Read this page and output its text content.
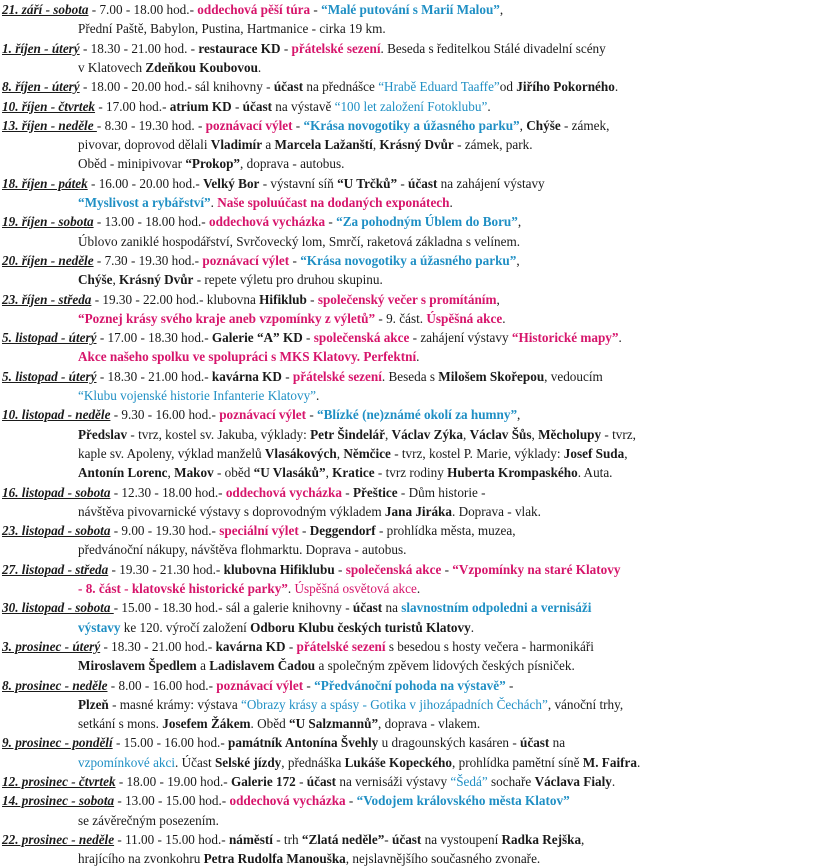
21. září - sobota - 7.00 - 18.00 hod.- oddechová pěší túra - “Malé putování s Marií Malou”,
Přední Paště, Babylon, Pustina, Hartmanice - cirka 19 km.
1. říjen - úterý - 18.30 - 21.00 hod. - restaurace KD - přátelské sezení. Beseda s ředitelkou Stálé divadelní scény
v Klatovech Zdeňkou Koubovou.
8. říjen - úterý - 18.00 - 20.00 hod.- sál knihovny - účast na přednášce “Hrabě Eduard Taaffe”od Jiřího Pokorného.
10. říjen - čtvrtek - 17.00 hod.- atrium KD - účast na výstavě “100 let založení Fotoklubu”.
13. říjen - neděle - 8.30 - 19.30 hod. - poznávací výlet - “Krása novogotiky a úžasného parku”, Chýše - zámek,
pivovar, doprovod dělali Vladimír a Marcela Lažanští, Krásný Dvůr - zámek, park.
Oběd - minipivovar “Prokop”, doprava - autobus.
18. říjen - pátek - 16.00 - 20.00 hod.- Velký Bor - výstavní síň “U Trčků” - účast na zahájení výstavy
“Myslivost a rybářství”. Naše spoluúčast na dodaných exponátech.
19. říjen - sobota - 13.00 - 18.00 hod.- oddechová vycházka - “Za pohodným Úblem do Boru”,
Úblovo zaniklé hospodářství, Svrčovecký lom, Smrčí, raketová základna s velínem.
20. říjen - neděle - 7.30 - 19.30 hod.- poznávací výlet - “Krása novogotiky a úžasného parku”,
Chýše, Krásný Dvůr - repete výletu pro druhou skupinu.
23. říjen - středa - 19.30 - 22.00 hod.- klubovna Hifiklub - společenský večer s promítáním,
“Poznej krásy svého kraje aneb vzpomínky z výletů” - 9. část. Úspěšná akce.
5. listopad - úterý - 17.00 - 18.30 hod.- Galerie “A” KD - společenská akce - zahájení výstavy “Historické mapy”.
Akce našeho spolku ve spolupráci s MKS Klatovy. Perfektní.
5. listopad - úterý - 18.30 - 21.00 hod.- kavárna KD - přátelské sezení. Beseda s Milošem Skořepou, vedoucím
“Klubu vojenské historie Infanterie Klatovy”.
10. listopad - neděle - 9.30 - 16.00 hod.- poznávací výlet - “Blízké (ne)známé okolí za humny”,
Předslav - tvrz, kostel sv. Jakuba, výklady: Petr Šindelář, Václav Zýka, Václav Šůs, Měcholupy - tvrz,
kaple sv. Apoleny, výklad manželů Vlasákových, Němčice - tvrz, kostel P. Marie, výklady: Josef Suda,
Antonín Lorenc, Makov - oběd “U Vlasáků”, Kratice - tvrz rodiny Huberta Krompaského. Auta.
16. listopad - sobota - 12.30 - 18.00 hod.- oddechová vycházka - Přeštice - Dům historie -
návštěva pivovarnické výstavy s doprovodným výkladem Jana Jiráka. Doprava - vlak.
23. listopad - sobota - 9.00 - 19.30 hod.- speciální výlet - Deggendorf - prohlídka města, muzea,
předvánoční nákupy, návštěva flohmarktu. Doprava - autobus.
27. listopad - středa - 19.30 - 21.30 hod.- klubovna Hifiklubu - společenská akce - “Vzpomínky na staré Klatovy
- 8. část - klatovské historické parky”. Úspěšná osvětová akce.
30. listopad - sobota - 15.00 - 18.30 hod.- sál a galerie knihovny - účast na slavnostním odpoledni a vernisáži
výstavy ke 120. výročí založení Odboru Klubu českých turistů Klatovy.
3. prosinec - úterý - 18.30 - 21.00 hod.- kavárna KD - přátelské sezení s besedou s hosty večera - harmonikáři
Miroslavem Špedlem a Ladislavem Čadou a společným zpěvem lidových českých písniček.
8. prosinec - neděle - 8.00 - 16.00 hod.- poznávací výlet - “Předvánoční pohoda na výstavě” -
Plzeň - masné krámy: výstava “Obrazy krásy a spásy - Gotika v jihozápadních Čechách”, vánoční trhy,
setkání s mons. Josefem Žákem. Oběd “U Salzmannů”, doprava - vlakem.
9. prosinec - pondělí - 15.00 - 16.00 hod.- památník Antonína Švehly u dragounských kasáren - účast na
vzpomínkové akci. Účast Selské jízdy, přednáška Lukáše Kopeckého, prohlídka pamětní síně M. Faifra.
12. prosinec - čtvrtek - 18.00 - 19.00 hod.- Galerie 172 - účast na vernisáži výstavy “Šedá” sochaře Václava Fialy.
14. prosinec - sobota - 13.00 - 15.00 hod.- oddechová vycházka - “Vodojem královského města Klatov”
se závěrečným posezením.
22. prosinec - neděle - 11.00 - 15.00 hod.- náměstí - trh “Zlatá neděle”- účast na vystoupení Radka Rejška,
hrajícího na zvonkohru Petra Rudolfa Manouška, nejslavnějšího současného zvonaře.
